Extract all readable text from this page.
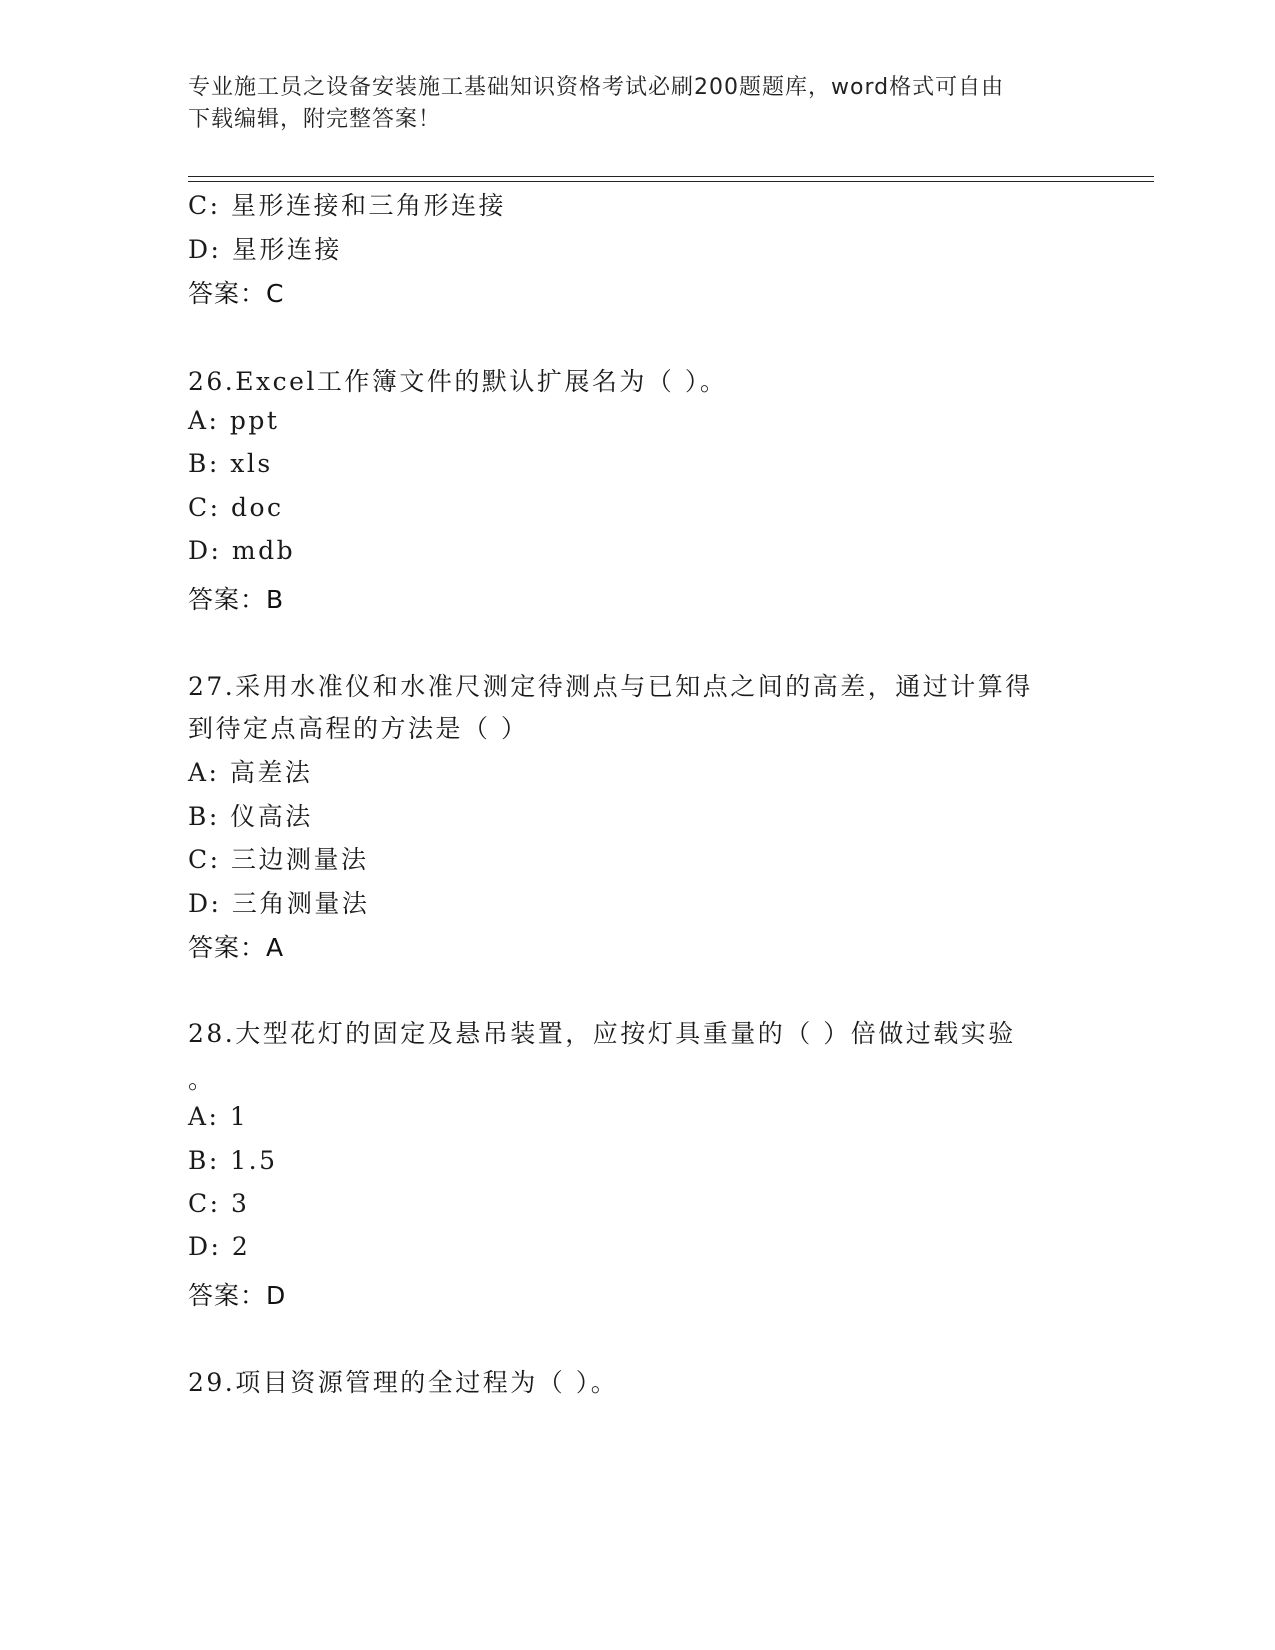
专业施工员之设备安装施工基础知识资格考试必刷200题题库，word格式可自由
下载编辑，附完整答案！
C: 星形连接和三角形连接
D: 星形连接
答案：C
26.Excel工作簿文件的默认扩展名为（ ）。
A: ppt
B: xls
C: doc
D: mdb
答案：B
27.采用水准仪和水准尺测定待测点与已知点之间的高差，通过计算得
到待定点高程的方法是（ ）
A: 高差法
B: 仪高法
C: 三边测量法
D: 三角测量法
答案：A
28.大型花灯的固定及悬吊装置，应按灯具重量的（ ）倍做过载实验
。
A: 1
B: 1.5
C: 3
D: 2
答案：D
29.项目资源管理的全过程为（ ）。
